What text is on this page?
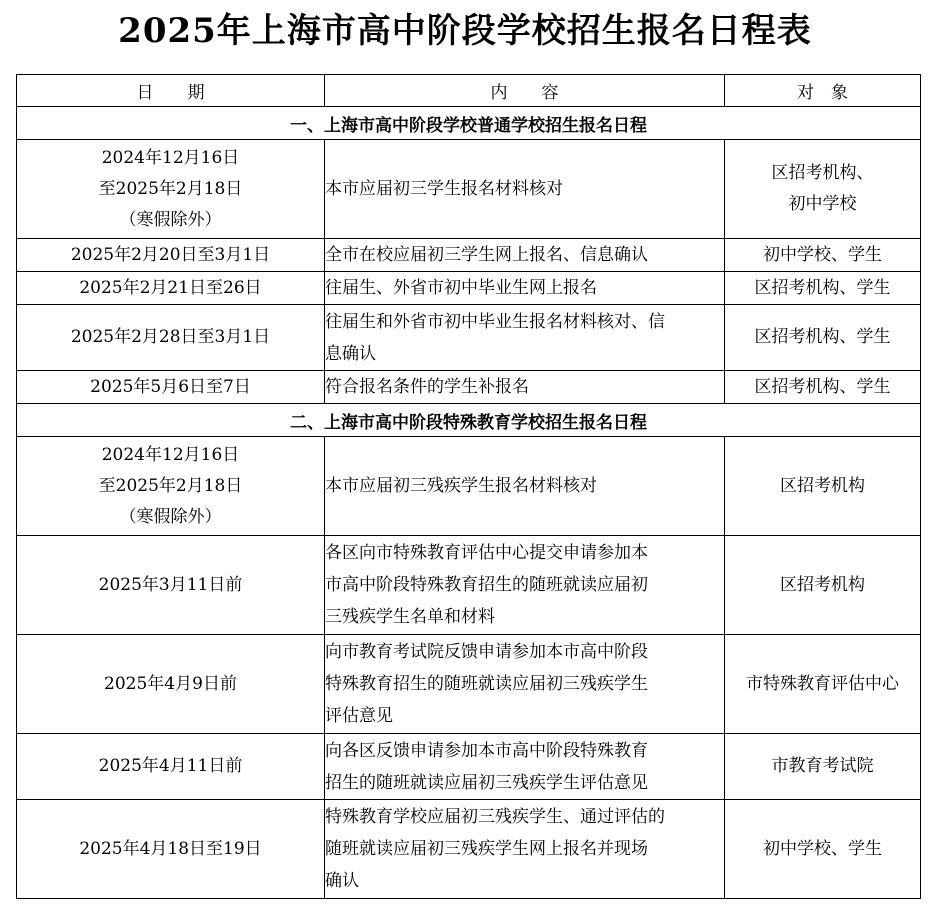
2025年上海市高中阶段学校招生报名日程表
日　　期	内　　容	对　象
一、上海市高中阶段学校普通学校招生报名日程		

2024年12月16日
至2025年2月18日
（寒假除外）	本市应届初三学生报名材料核对	区招考机构、
初中学校

2025年2月20日至3月1日	全市在校应届初三学生网上报名、信息确认	初中学校、学生

2025年2月21日至26日	往届生、外省市初中毕业生网上报名	区招考机构、学生

2025年2月28日至3月1日	往届生和外省市初中毕业生报名材料核对、信
息确认	区招考机构、学生

2025年5月6日至7日	符合报名条件的学生补报名	区招考机构、学生

二、上海市高中阶段特殊教育学校招生报名日程		

2024年12月16日
至2025年2月18日
（寒假除外）	本市应届初三残疾学生报名材料核对	区招考机构

2025年3月11日前	各区向市特殊教育评估中心提交申请参加本
市高中阶段特殊教育招生的随班就读应届初
三残疾学生名单和材料	区招考机构

2025年4月9日前	向市教育考试院反馈申请参加本市高中阶段
特殊教育招生的随班就读应届初三残疾学生
评估意见	市特殊教育评估中心

2025年4月11日前	向各区反馈申请参加本市高中阶段特殊教育
招生的随班就读应届初三残疾学生评估意见	市教育考试院

2025年4月18日至19日	特殊教育学校应届初三残疾学生、通过评估的
随班就读应届初三残疾学生网上报名并现场
确认	初中学校、学生
